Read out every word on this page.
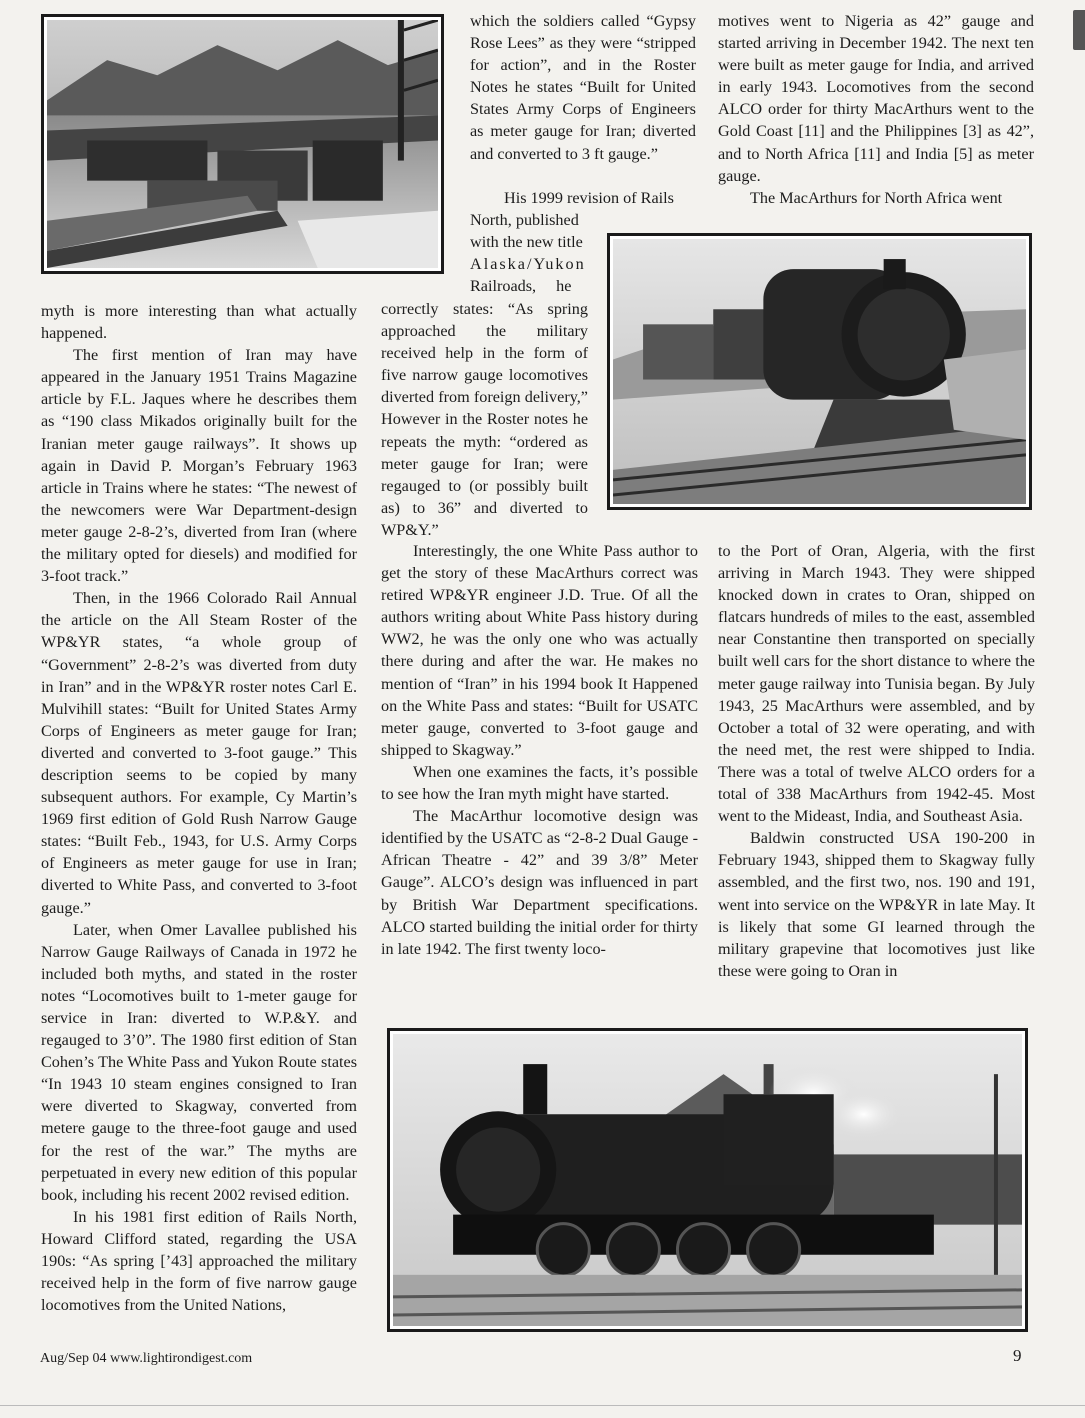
myth is more interesting than what actually happened.

The first mention of Iran may have appeared in the January 1951 Trains Magazine article by F.L. Jaques where he describes them as “190 class Mikados originally built for the Iranian meter gauge railways”. It shows up again in David P. Morgan’s February 1963 article in Trains where he states: “The newest of the newcomers were War Department-design meter gauge 2-8-2’s, diverted from Iran (where the military opted for diesels) and modified for 3-foot track.”

Then, in the 1966 Colorado Rail Annual the article on the All Steam Roster of the WP&YR states, “a whole group of “Government” 2-8-2’s was diverted from duty in Iran” and in the WP&YR roster notes Carl E. Mulvihill states: “Built for United States Army Corps of Engineers as meter gauge for Iran; diverted and converted to 3-foot gauge.” This description seems to be copied by many subsequent authors. For example, Cy Martin’s 1969 first edition of Gold Rush Narrow Gauge states: “Built Feb., 1943, for U.S. Army Corps of Engineers as meter gauge for use in Iran; diverted to White Pass, and converted to 3-foot gauge.”

Later, when Omer Lavallee published his Narrow Gauge Railways of Canada in 1972 he included both myths, and stated in the roster notes “Locomotives built to 1-meter gauge for service in Iran: diverted to W.P.&Y. and regauged to 3’0”. The 1980 first edition of Stan Cohen’s The White Pass and Yukon Route states “In 1943 10 steam engines consigned to Iran were diverted to Skagway, converted from metere gauge to the three-foot gauge and used for the rest of the war.” The myths are perpetuated in every new edition of this popular book, including his recent 2002 revised edition.

In his 1981 first edition of Rails North, Howard Clifford stated, regarding the USA 190s: “As spring [’43] approached the military received help in the form of five narrow gauge locomotives from the United Nations,

which the soldiers called “Gypsy Rose Lees” as they were “stripped for action”, and in the Roster Notes he states “Built for United States Army Corps of Engineers as meter gauge for Iran; diverted and converted to 3 ft gauge.”

His 1999 revision of Rails
North, published
with the new title
Alaska/Yukon
Railroads, he

correctly states: “As spring approached the military received help in the form of five narrow gauge locomotives diverted from foreign delivery,” However in the Roster notes he repeats the myth: “ordered as meter gauge for Iran; were regauged to (or possibly built as) to 36” and diverted to WP&Y.”

Interestingly, the one White Pass author to get the story of these MacArthurs correct was retired WP&YR engineer J.D. True. Of all the authors writing about White Pass history during WW2, he was the only one who was actually there during and after the war. He makes no mention of “Iran” in his 1994 book It Happened on the White Pass and states: “Built for USATC meter gauge, converted to 3-foot gauge and shipped to Skagway.”

When one examines the facts, it’s possible to see how the Iran myth might have started.

The MacArthur locomotive design was identified by the USATC as “2-8-2 Dual Gauge - African Theatre - 42” and 39 3/8” Meter Gauge”. ALCO’s design was influenced in part by British War Department specifications. ALCO started building the initial order for thirty in late 1942. The first twenty loco-

motives went to Nigeria as 42” gauge and started arriving in December 1942. The next ten were built as meter gauge for India, and arrived in early 1943. Locomotives from the second ALCO order for thirty MacArthurs went to the Gold Coast [11] and the Philippines [3] as 42”, and to North Africa [11] and India [5] as meter gauge.

The MacArthurs for North Africa went

to the Port of Oran, Algeria, with the first arriving in March 1943. They were shipped knocked down in crates to Oran, shipped on flatcars hundreds of miles to the east, assembled near Constantine then transported on specially built well cars for the short distance to where the meter gauge railway into Tunisia began. By July 1943, 25 MacArthurs were assembled, and by October a total of 32 were operating, and with the need met, the rest were shipped to India. There was a total of twelve ALCO orders for a total of 338 MacArthurs from 1942-45. Most went to the Mideast, India, and Southeast Asia.

Baldwin constructed USA 190-200 in February 1943, shipped them to Skagway fully assembled, and the first two, nos. 190 and 191, went into service on the WP&YR in late May. It is likely that some GI learned through the military grapevine that locomotives just like these were going to Oran in

Aug/Sep 04 www.lightirondigest.com	9
